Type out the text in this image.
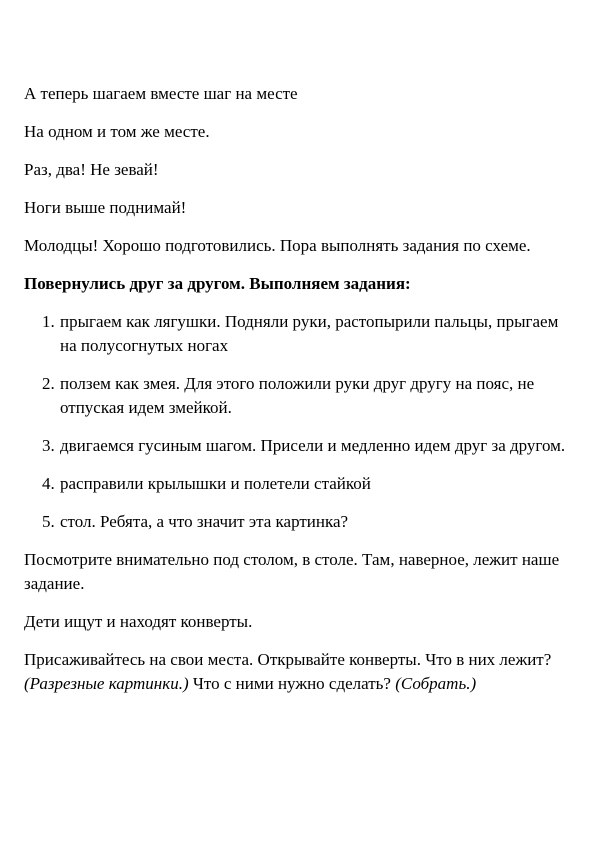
А теперь шагаем вместе шаг на месте

На одном и том же месте.

Раз, два! Не зевай!

Ноги выше поднимай!

Молодцы! Хорошо подготовились. Пора выполнять задания по схеме.

Повернулись друг за другом. Выполняем задания:

1. прыгаем как лягушки. Подняли руки, растопырили пальцы, прыгаем на полусогнутых ногах
2. ползем как змея. Для этого положили руки друг другу на пояс, не отпуская идем змейкой.
3. двигаемся гусиным шагом. Присели и медленно идем друг за другом.
4. расправили крылышки и полетели стайкой
5. стол. Ребята, а что значит эта картинка?

Посмотрите внимательно под столом, в столе. Там, наверное, лежит наше задание.

Дети ищут и находят конверты.

Присаживайтесь на свои места. Открывайте конверты. Что в них лежит? (Разрезные картинки.) Что с ними нужно сделать? (Собрать.)
